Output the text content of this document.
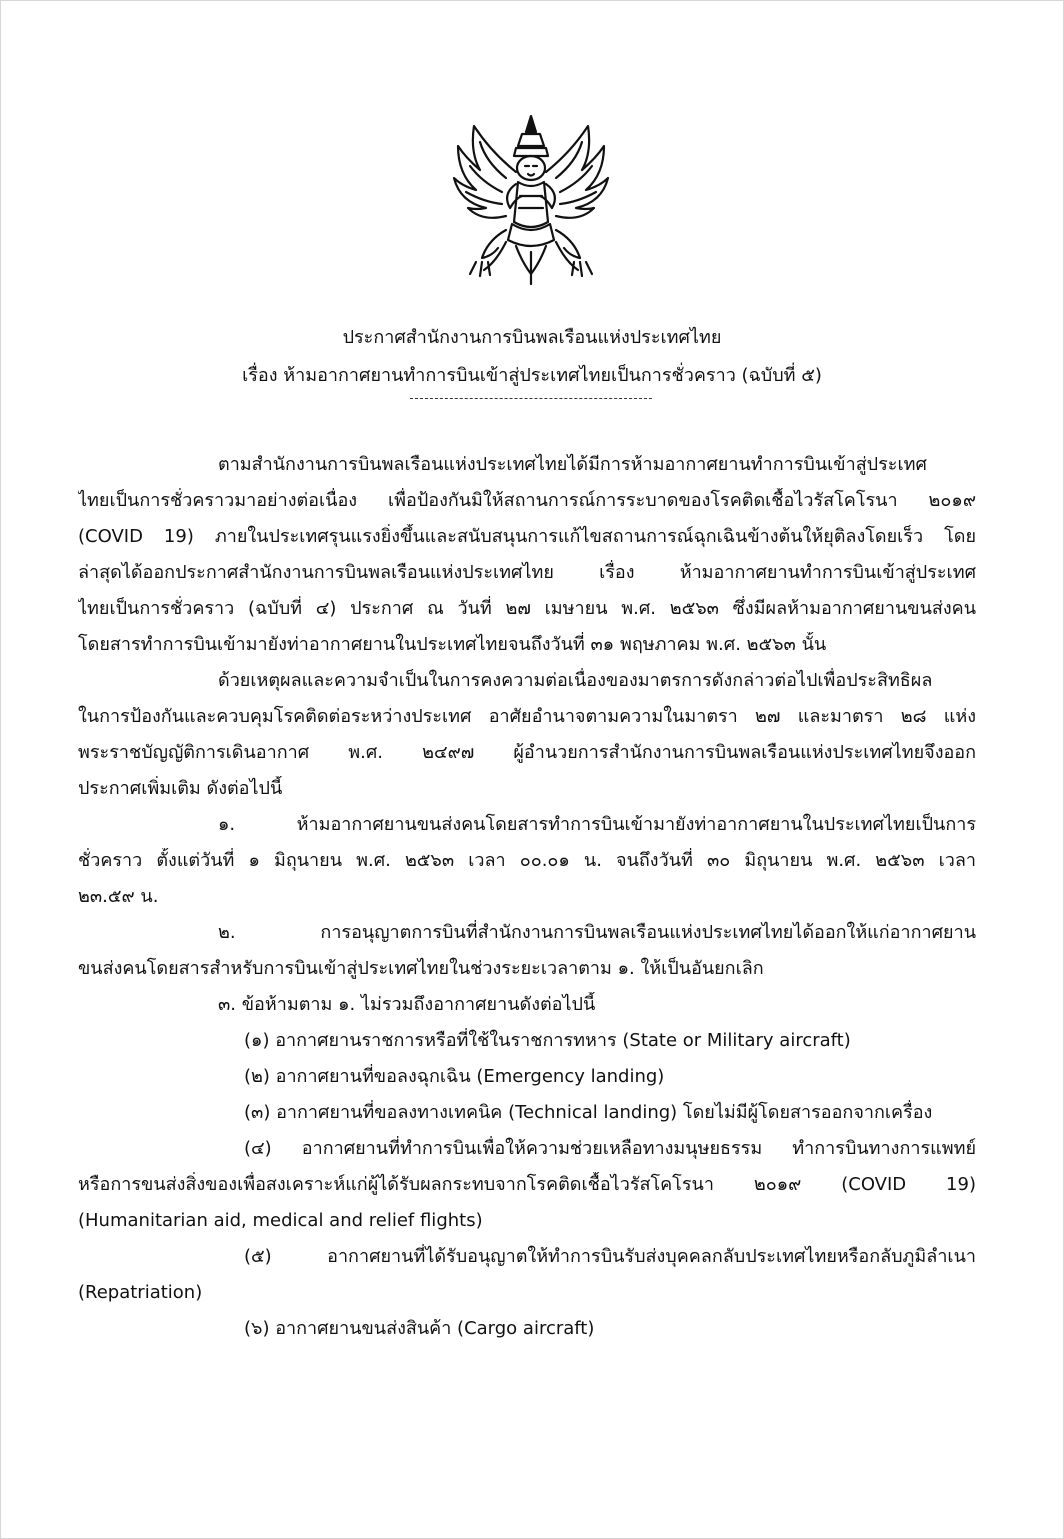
ประกาศสำนักงานการบินพลเรือนแห่งประเทศไทย
เรื่อง ห้ามอากาศยานทำการบินเข้าสู่ประเทศไทยเป็นการชั่วคราว (ฉบับที่ ๕)
ตามสำนักงานการบินพลเรือนแห่งประเทศไทยได้มีการห้ามอากาศยานทำการบินเข้าสู่ประเทศ
ไทยเป็นการชั่วคราวมาอย่างต่อเนื่อง เพื่อป้องกันมิให้สถานการณ์การระบาดของโรคติดเชื้อไวรัสโคโรนา ๒๐๑๙
(COVID 19) ภายในประเทศรุนแรงยิ่งขึ้นและสนับสนุนการแก้ไขสถานการณ์ฉุกเฉินข้างต้นให้ยุติลงโดยเร็ว โดย
ล่าสุดได้ออกประกาศสำนักงานการบินพลเรือนแห่งประเทศไทย เรื่อง ห้ามอากาศยานทำการบินเข้าสู่ประเทศ
ไทยเป็นการชั่วคราว (ฉบับที่ ๔) ประกาศ ณ วันที่ ๒๗ เมษายน พ.ศ. ๒๕๖๓ ซึ่งมีผลห้ามอากาศยานขนส่งคน
โดยสารทำการบินเข้ามายังท่าอากาศยานในประเทศไทยจนถึงวันที่ ๓๑ พฤษภาคม พ.ศ. ๒๕๖๓ นั้น
ด้วยเหตุผลและความจำเป็นในการคงความต่อเนื่องของมาตรการดังกล่าวต่อไปเพื่อประสิทธิผล
ในการป้องกันและควบคุมโรคติดต่อระหว่างประเทศ อาศัยอำนาจตามความในมาตรา ๒๗ และมาตรา ๒๘ แห่ง
พระราชบัญญัติการเดินอากาศ พ.ศ. ๒๔๙๗ ผู้อำนวยการสำนักงานการบินพลเรือนแห่งประเทศไทยจึงออก
ประกาศเพิ่มเติม ดังต่อไปนี้
๑. ห้ามอากาศยานขนส่งคนโดยสารทำการบินเข้ามายังท่าอากาศยานในประเทศไทยเป็นการ
ชั่วคราว ตั้งแต่วันที่ ๑ มิถุนายน พ.ศ. ๒๕๖๓ เวลา ๐๐.๐๑ น. จนถึงวันที่ ๓๐ มิถุนายน พ.ศ. ๒๕๖๓ เวลา
๒๓.๕๙ น.
๒. การอนุญาตการบินที่สำนักงานการบินพลเรือนแห่งประเทศไทยได้ออกให้แก่อากาศยาน
ขนส่งคนโดยสารสำหรับการบินเข้าสู่ประเทศไทยในช่วงระยะเวลาตาม ๑. ให้เป็นอันยกเลิก
๓. ข้อห้ามตาม ๑. ไม่รวมถึงอากาศยานดังต่อไปนี้
(๑) อากาศยานราชการหรือที่ใช้ในราชการทหาร (State or Military aircraft)
(๒) อากาศยานที่ขอลงฉุกเฉิน (Emergency landing)
(๓) อากาศยานที่ขอลงทางเทคนิค (Technical landing) โดยไม่มีผู้โดยสารออกจากเครื่อง
(๔) อากาศยานที่ทำการบินเพื่อให้ความช่วยเหลือทางมนุษยธรรม ทำการบินทางการแพทย์
หรือการขนส่งสิ่งของเพื่อสงเคราะห์แก่ผู้ได้รับผลกระทบจากโรคติดเชื้อไวรัสโคโรนา ๒๐๑๙ (COVID 19)
(Humanitarian aid, medical and relief flights)
(๕) อากาศยานที่ได้รับอนุญาตให้ทำการบินรับส่งบุคคลกลับประเทศไทยหรือกลับภูมิลำเนา
(Repatriation)
(๖) อากาศยานขนส่งสินค้า (Cargo aircraft)
